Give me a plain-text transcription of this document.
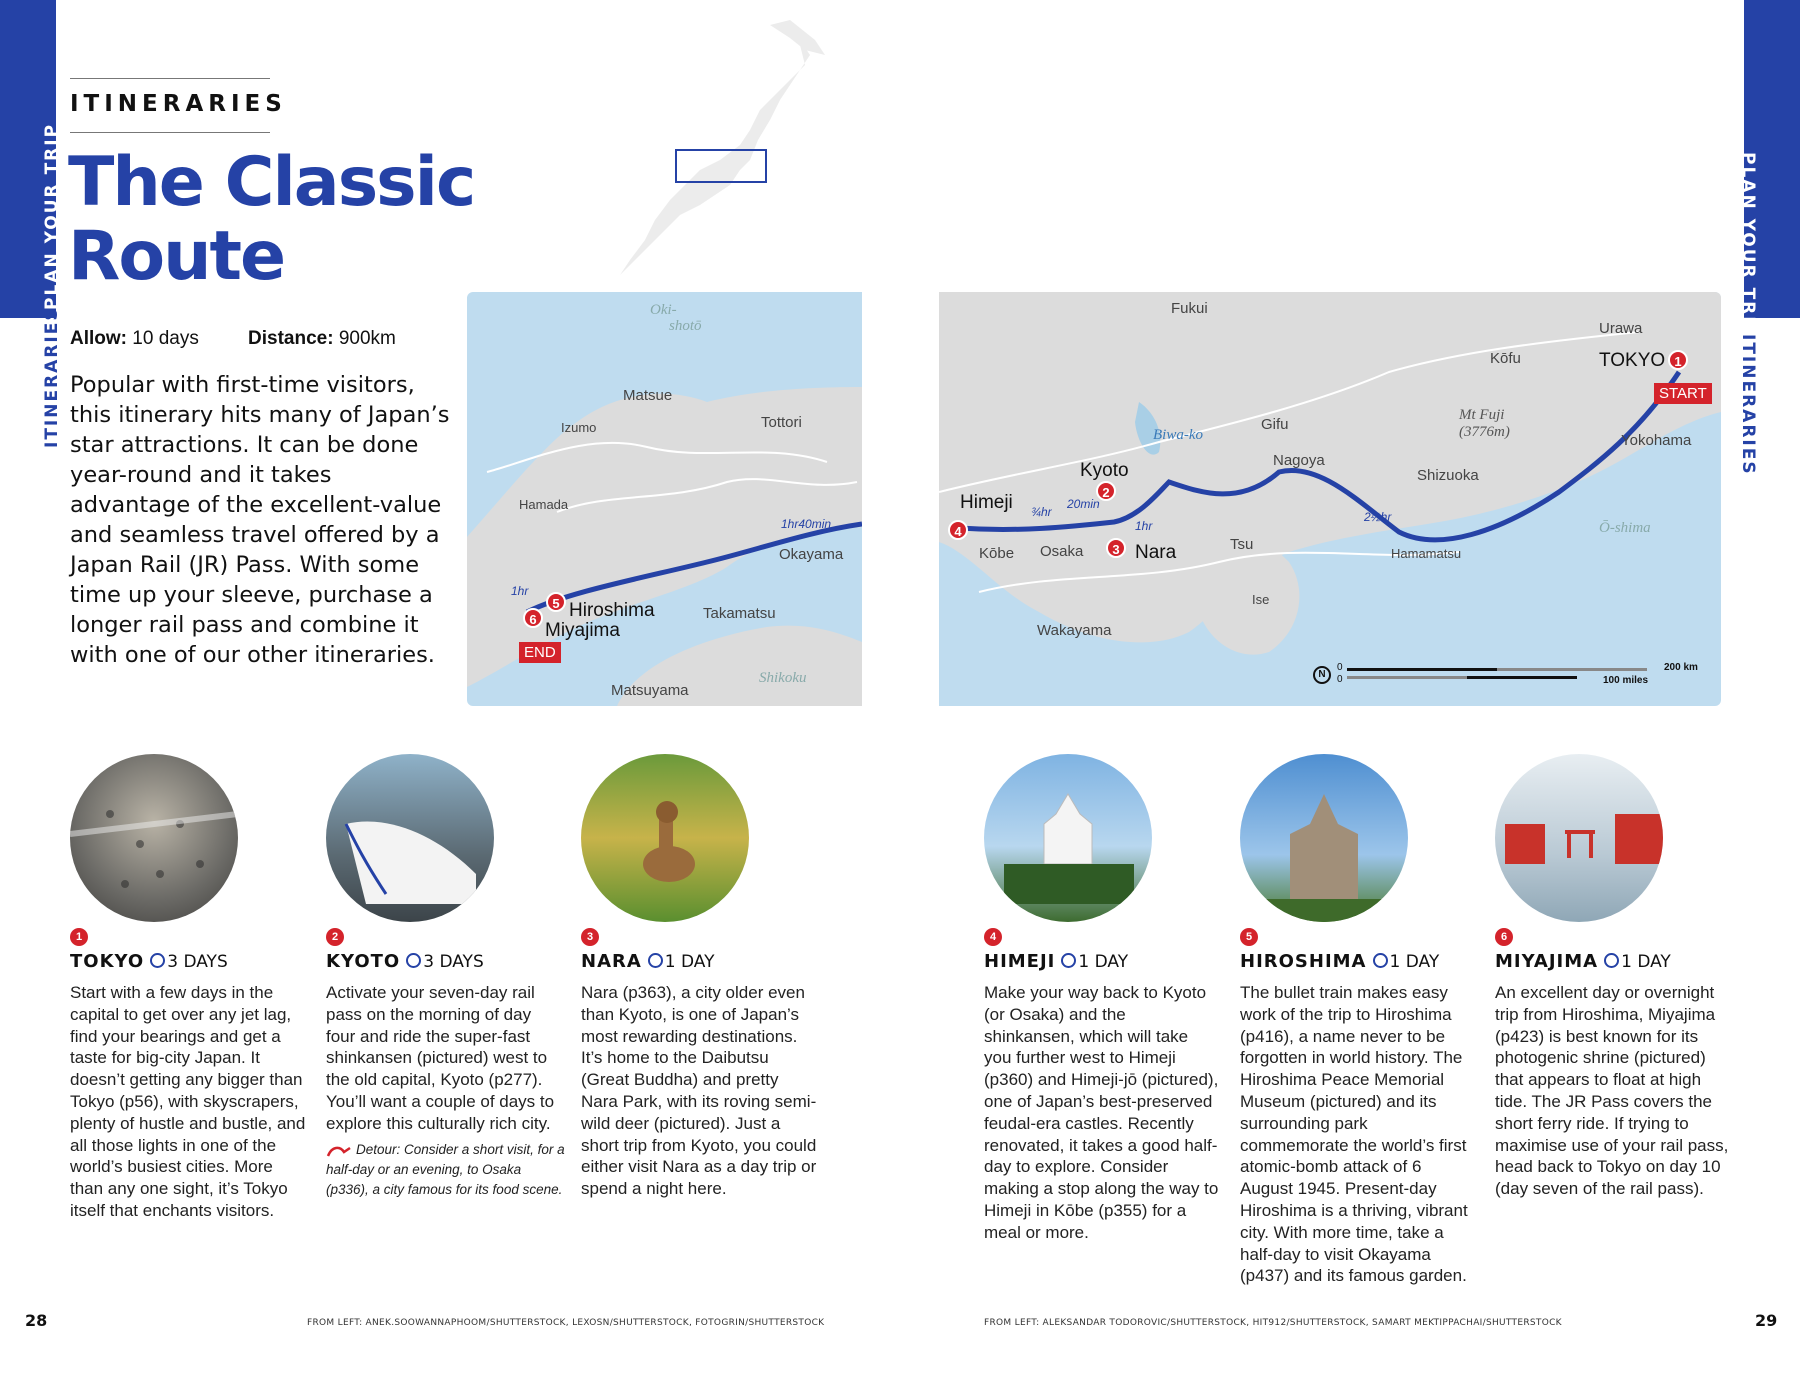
PLAN YOUR TRIP
ITINERARIES
PLAN YOUR TRIP
ITINERARIES
ITINERARIES
The Classic
Route
Allow: 10 days	Distance: 900km
Popular with first-time visitors, this itinerary hits many of Japan’s star attractions. It can be done year-round and it takes advantage of the excellent-value and seamless travel offered by a Japan Rail (JR) Pass. With some time up your sleeve, purchase a longer rail pass and combine it with one of our other itineraries.
Oki-
shotō
Matsue
Izumo	Tottori
Hamada
1hr40min
Okayama
1hr
5
6	Hiroshima
Miyajima
END
Takamatsu
Shikoku
Matsuyama
Fukui
Biwa-ko
Gifu
Kōfu
Urawa
TOKYO 1
START
Mt Fuji
(3776m)	Yokohama
Kyoto
2
Himeji ¾hr
20min
1hr
Nagoya
Shizuoka
2½hr
4
Osaka
Kōbe	3 Nara	Tsu
Hamamatsu
Ō-shima
Ise
Wakayama
N
0
0
200 km
100 miles
1
TOKYO 3 DAYS
Start with a few days in the capital to get over any jet lag, find your bearings and get a taste for big-city Japan. It doesn’t getting any bigger than Tokyo (p56), with skyscrapers, plenty of hustle and bustle, and all those lights in one of the world’s busiest cities. More than any one sight, it’s Tokyo itself that enchants visitors.
2
KYOTO 3 DAYS
Activate your seven-day rail pass on the morning of day four and ride the super-fast shinkansen (pictured) west to the old capital, Kyoto (p277). You’ll want a couple of days to explore this culturally rich city.
Detour: Consider a short visit, for a half-day or an evening, to Osaka (p336), a city famous for its food scene.
3
NARA 1 DAY
Nara (p363), a city older even than Kyoto, is one of Japan’s most rewarding destinations. It’s home to the Daibutsu (Great Buddha) and pretty Nara Park, with its roving semi-wild deer (pictured). Just a short trip from Kyoto, you could either visit Nara as a day trip or spend a night here.
4
HIMEJI 1 DAY
Make your way back to Kyoto (or Osaka) and the shinkansen, which will take you further west to Himeji (p360) and Himeji-jō (pictured), one of Japan’s best-preserved feudal-era castles. Recently renovated, it takes a good half-day to explore. Consider making a stop along the way to Himeji in Kōbe (p355) for a meal or more.
5
HIROSHIMA 1 DAY
The bullet train makes easy work of the trip to Hiroshima (p416), a name never to be forgotten in world history. The Hiroshima Peace Memorial Museum (pictured) and its surrounding park commemorate the world’s first atomic-bomb attack of 6 August 1945. Present-day Hiroshima is a thriving, vibrant city. With more time, take a half-day to visit Okayama (p437) and its famous garden.
6
MIYAJIMA 1 DAY
An excellent day or overnight trip from Hiroshima, Miyajima (p423) is best known for its photogenic shrine (pictured) that appears to float at high tide. The JR Pass covers the short ferry ride. If trying to maximise use of your rail pass, head back to Tokyo on day 10 (day seven of the rail pass).
28	FROM LEFT: ANEK.SOOWANNAPHOOM/SHUTTERSTOCK, LEXOSN/SHUTTERSTOCK, FOTOGRIN/SHUTTERSTOCK	FROM LEFT: ALEKSANDAR TODOROVIC/SHUTTERSTOCK, HIT912/SHUTTERSTOCK, SAMART MEKTIPPACHAI/SHUTTERSTOCK	29
